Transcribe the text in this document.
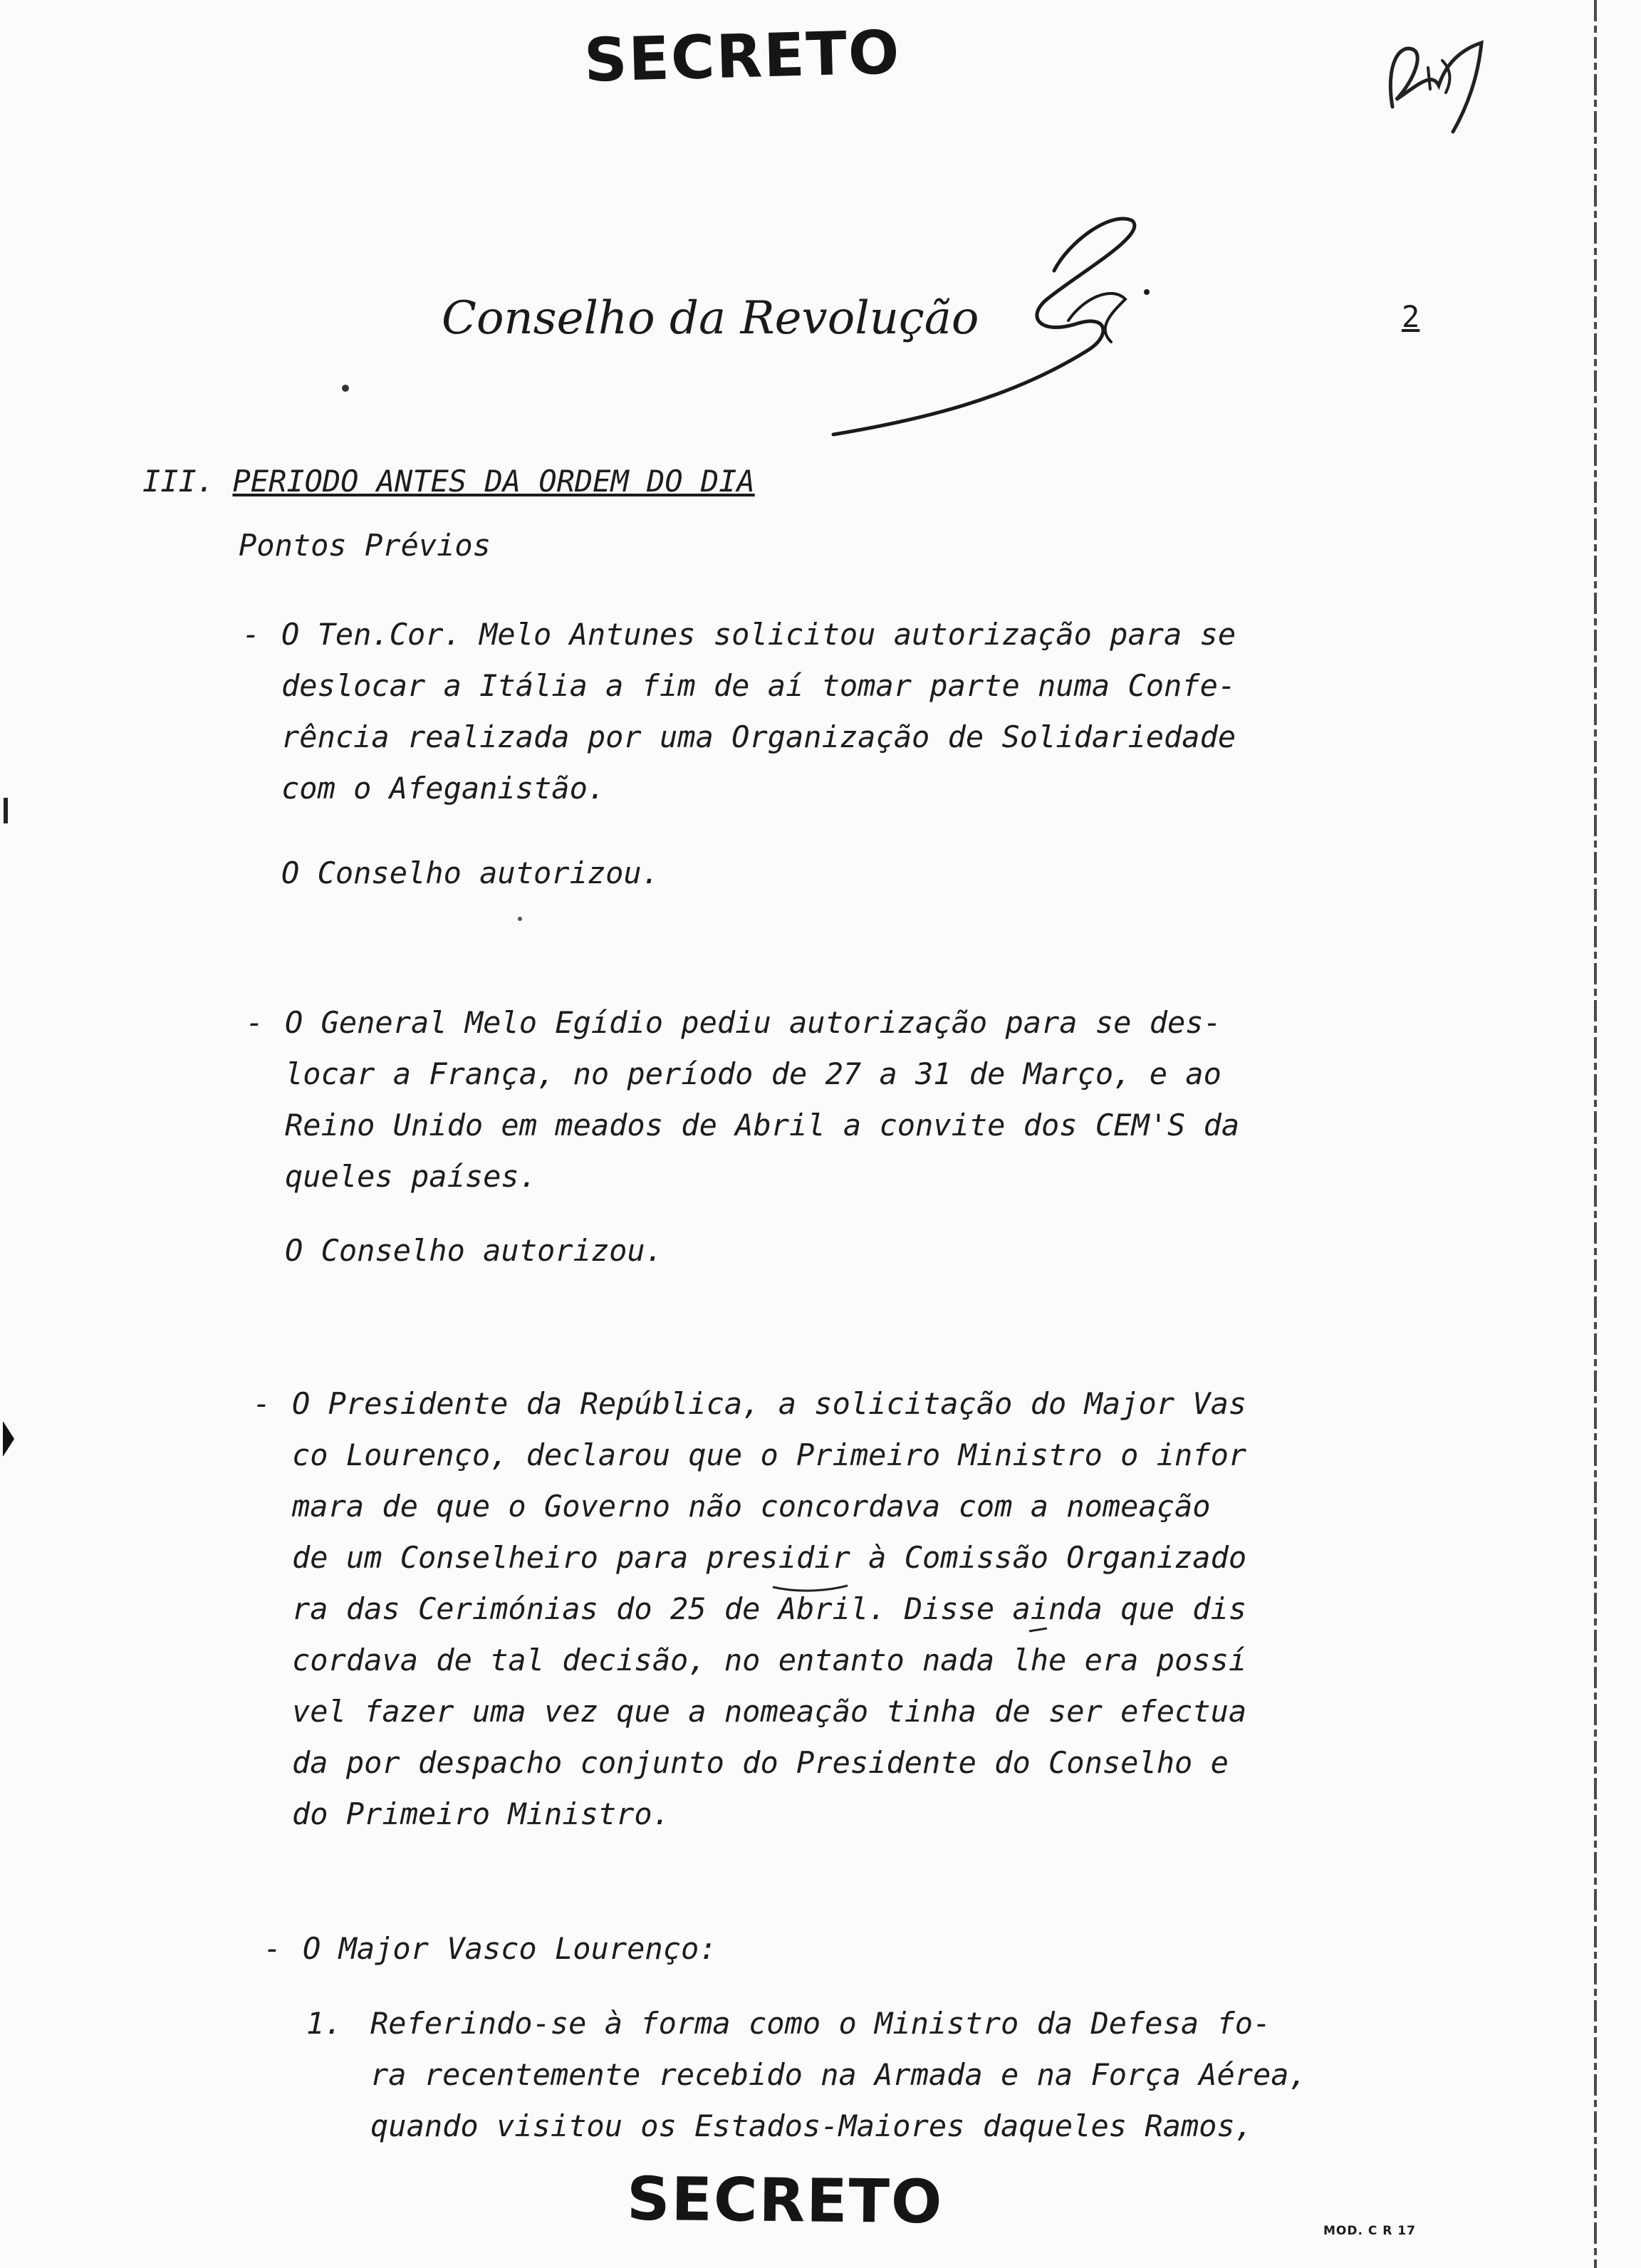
SECRETO
Conselho da Revolução	2
III. PERIODO ANTES DA ORDEM DO DIA
Pontos Prévios
- O Ten.Cor. Melo Antunes solicitou autorização para se
deslocar a Itália a fim de aí tomar parte numa Confe-
rência realizada por uma Organização de Solidariedade
com o Afeganistão.
O Conselho autorizou.
- O General Melo Egídio pediu autorização para se des-
locar a França, no período de 27 a 31 de Março, e ao
Reino Unido em meados de Abril a convite dos CEM'S da
queles países.
O Conselho autorizou.
- O Presidente da República, a solicitação do Major Vas
co Lourenço, declarou que o Primeiro Ministro o infor
mara de que o Governo não concordava com a nomeação
de um Conselheiro para presidir à Comissão Organizado
ra das Cerimónias do 25 de Abril. Disse ainda que dis
cordava de tal decisão, no entanto nada lhe era possí
vel fazer uma vez que a nomeação tinha de ser efectua
da por despacho conjunto do Presidente do Conselho e
do Primeiro Ministro.
- O Major Vasco Lourenço:
1. Referindo-se à forma como o Ministro da Defesa fo-
ra recentemente recebido na Armada e na Força Aérea,
quando visitou os Estados-Maiores daqueles Ramos,
SECRETO	MOD. C R 17
